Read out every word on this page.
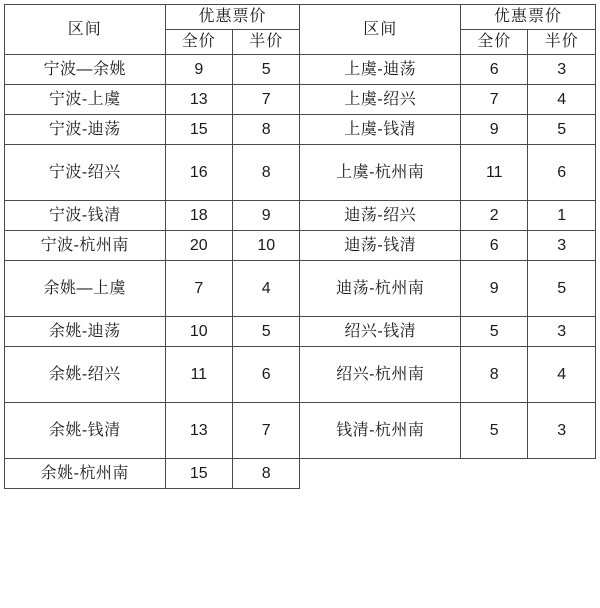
区间	优惠票价		区间	优惠票价	
	全价	半价		全价	半价
宁波—余姚	9	5	上虞-迪荡	6	3
宁波-上虞	13	7	上虞-绍兴	7	4
宁波-迪荡	15	8	上虞-钱清	9	5
宁波-绍兴	16	8	上虞-杭州南	11	6
宁波-钱清	18	9	迪荡-绍兴	2	1
宁波-杭州南	20	10	迪荡-钱清	6	3
余姚—上虞	7	4	迪荡-杭州南	9	5
余姚-迪荡	10	5	绍兴-钱清	5	3
余姚-绍兴	11	6	绍兴-杭州南	8	4
余姚-钱清	13	7	钱清-杭州南	5	3
余姚-杭州南	15	8			
